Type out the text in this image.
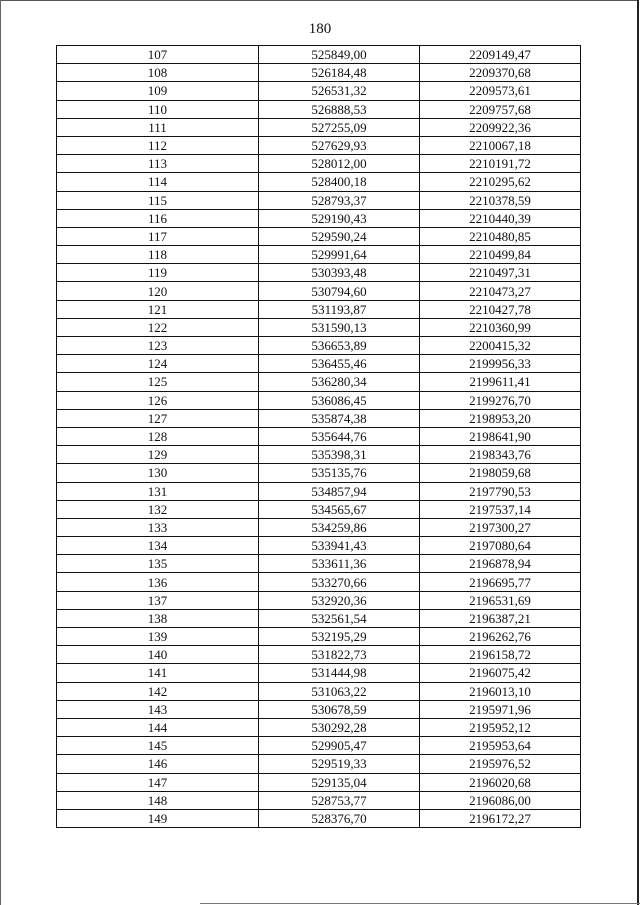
180
107	525849,00	2209149,47
108	526184,48	2209370,68
109	526531,32	2209573,61
110	526888,53	2209757,68
111	527255,09	2209922,36
112	527629,93	2210067,18
113	528012,00	2210191,72
114	528400,18	2210295,62
115	528793,37	2210378,59
116	529190,43	2210440,39
117	529590,24	2210480,85
118	529991,64	2210499,84
119	530393,48	2210497,31
120	530794,60	2210473,27
121	531193,87	2210427,78
122	531590,13	2210360,99
123	536653,89	2200415,32
124	536455,46	2199956,33
125	536280,34	2199611,41
126	536086,45	2199276,70
127	535874,38	2198953,20
128	535644,76	2198641,90
129	535398,31	2198343,76
130	535135,76	2198059,68
131	534857,94	2197790,53
132	534565,67	2197537,14
133	534259,86	2197300,27
134	533941,43	2197080,64
135	533611,36	2196878,94
136	533270,66	2196695,77
137	532920,36	2196531,69
138	532561,54	2196387,21
139	532195,29	2196262,76
140	531822,73	2196158,72
141	531444,98	2196075,42
142	531063,22	2196013,10
143	530678,59	2195971,96
144	530292,28	2195952,12
145	529905,47	2195953,64
146	529519,33	2195976,52
147	529135,04	2196020,68
148	528753,77	2196086,00
149	528376,70	2196172,27
